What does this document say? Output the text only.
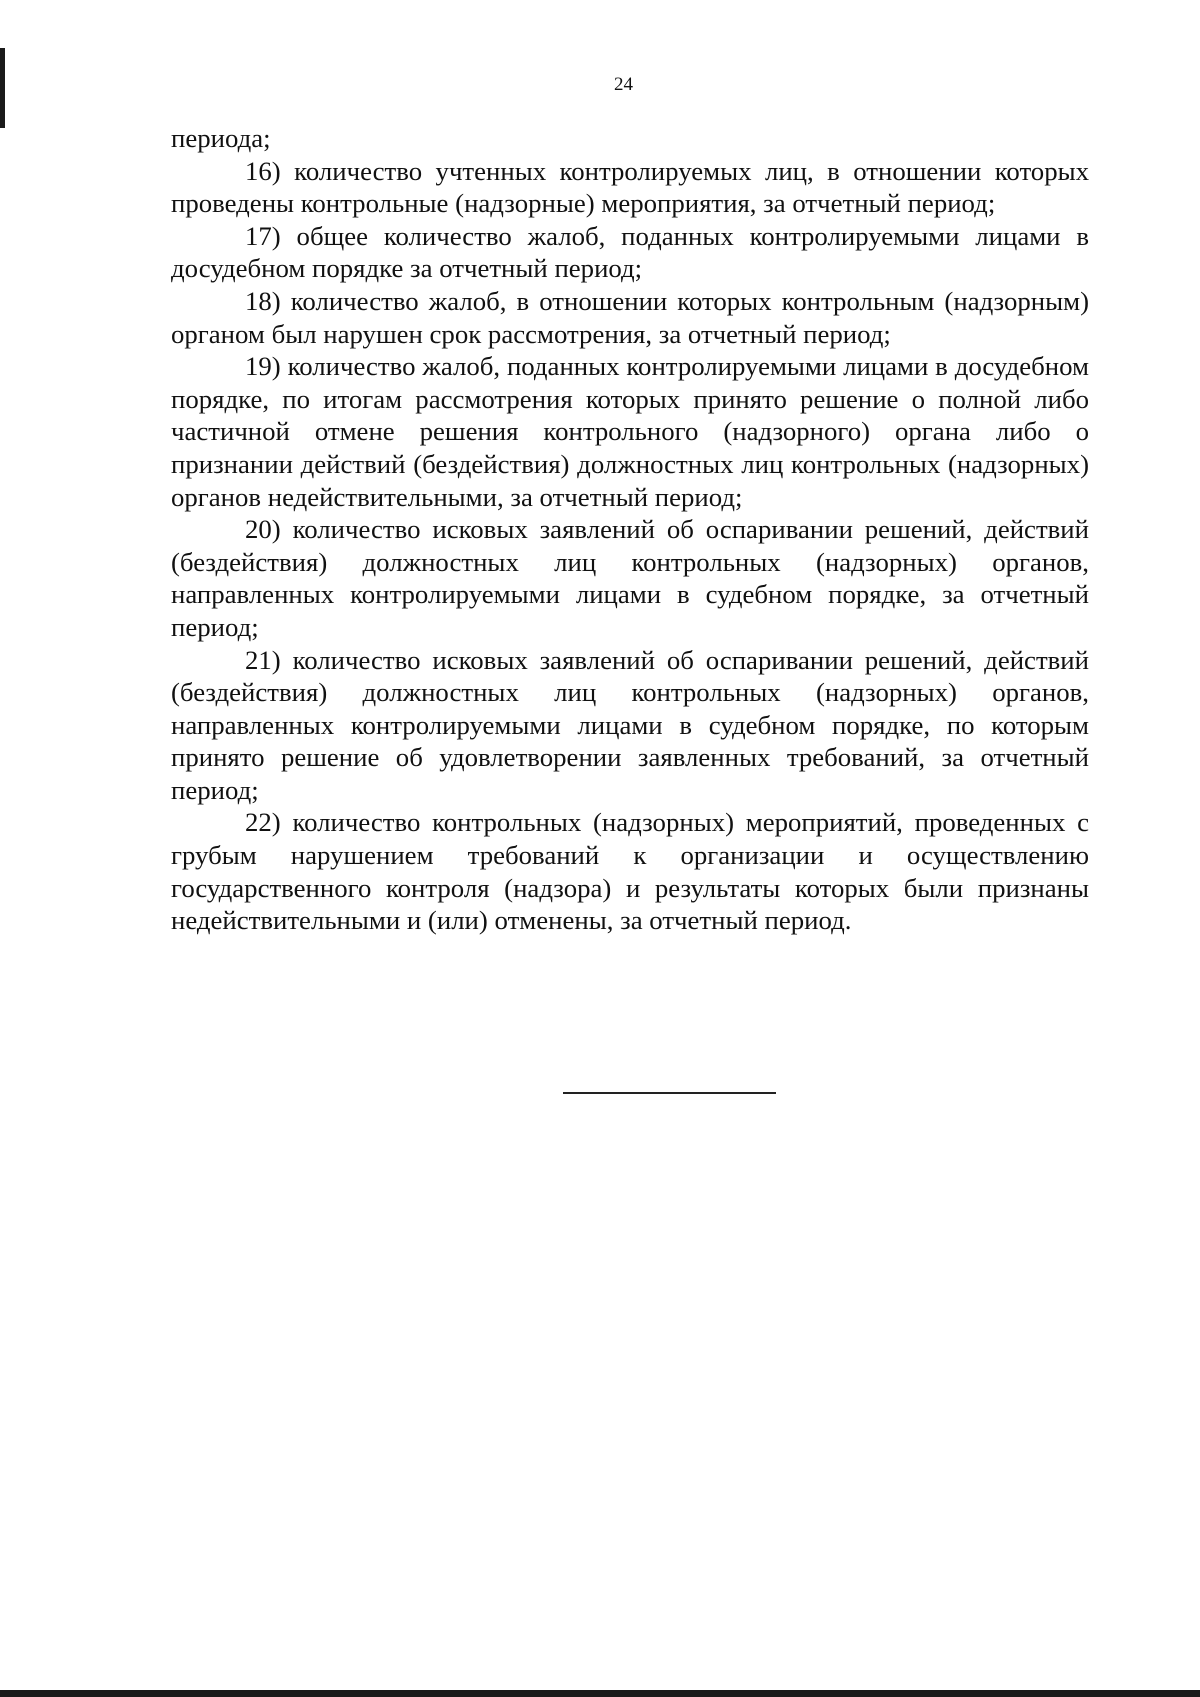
24

периода;

16) количество учтенных контролируемых лиц, в отношении которых проведены контрольные (надзорные) мероприятия, за отчетный период;

17) общее количество жалоб, поданных контролируемыми лицами в досудебном порядке за отчетный период;

18) количество жалоб, в отношении которых контрольным (надзорным) органом был нарушен срок рассмотрения, за отчетный период;

19) количество жалоб, поданных контролируемыми лицами в досудебном порядке, по итогам рассмотрения которых принято решение о полной либо частичной отмене решения контрольного (надзорного) органа либо о признании действий (бездействия) должностных лиц контрольных (надзорных) органов недействительными, за отчетный период;

20) количество исковых заявлений об оспаривании решений, действий (бездействия) должностных лиц контрольных (надзорных) органов, направленных контролируемыми лицами в судебном порядке, за отчетный период;

21) количество исковых заявлений об оспаривании решений, действий (бездействия) должностных лиц контрольных (надзорных) органов, направленных контролируемыми лицами в судебном порядке, по которым принято решение об удовлетворении заявленных требований, за отчетный период;

22) количество контрольных (надзорных) мероприятий, проведенных с грубым нарушением требований к организации и осуществлению государственного контроля (надзора) и результаты которых были признаны недействительными и (или) отменены, за отчетный период.
